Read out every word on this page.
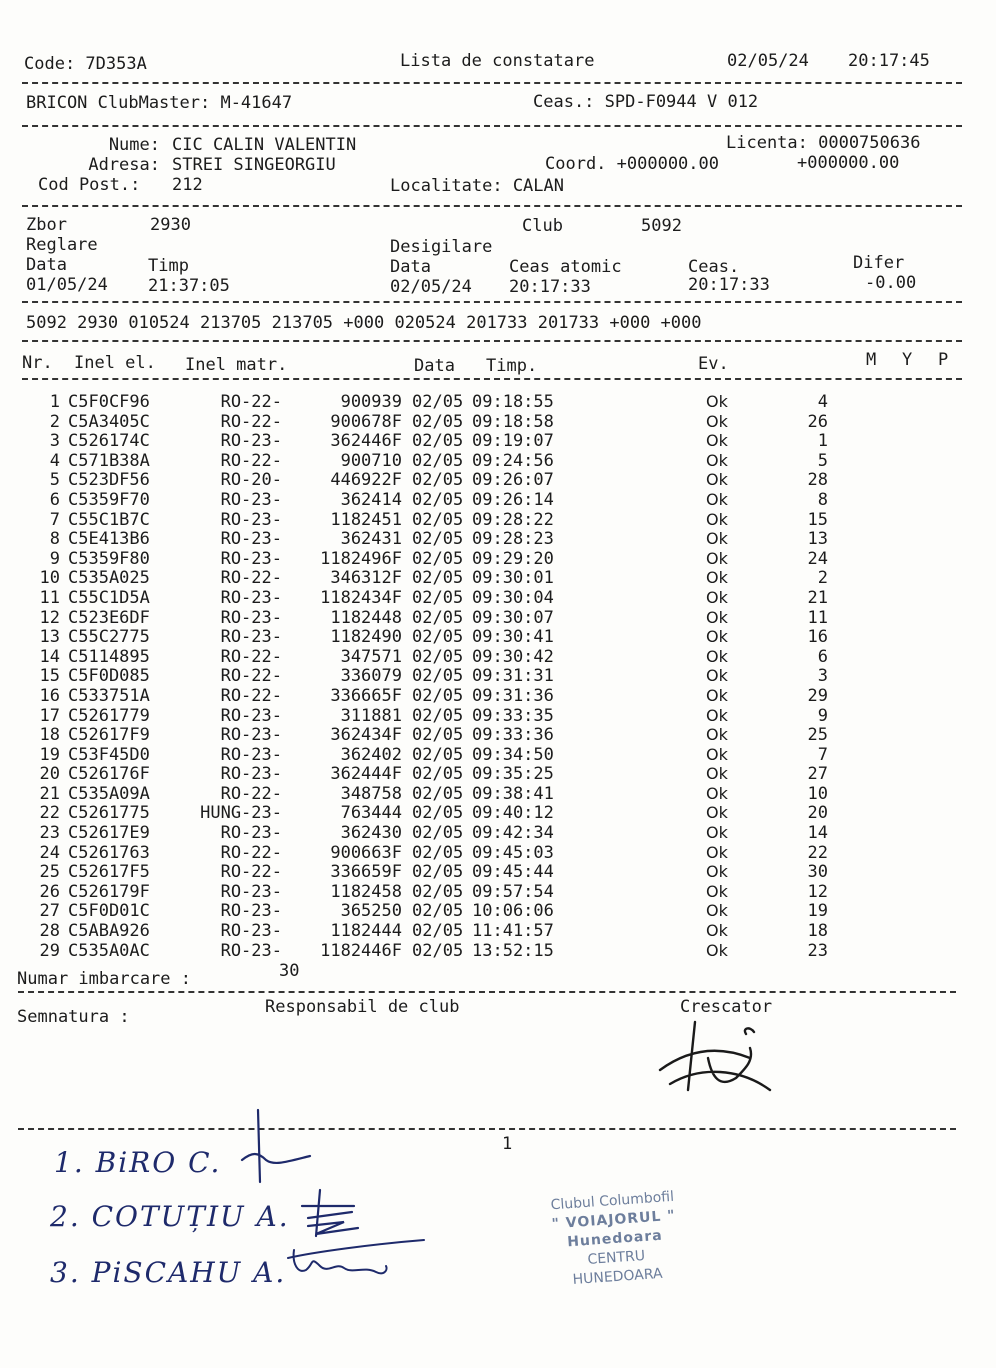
Code: 7D353A	Lista de constatare	02/05/24 20:17:45
BRICON ClubMaster: M-41647	Ceas.: SPD-F0944 V 012
Nume: CIC CALIN VALENTIN	Licenta: 0000750636
Adresa: STREI SINGEORGIU	Coord. +000000.00	+000000.00
Cod Post.: 212	Localitate: CALAN
Zbor	2930	Club	5092
Reglare	Desigilare
Data	Timp	Data	Ceas atomic	Ceas.	Difer
01/05/24 21:37:05	02/05/24 20:17:33	20:17:33	-0.00
5092 2930 010524 213705 213705 +000 020524 201733 201733 +000 +000
Nr. Inel el. Inel matr.	Data Timp.	Ev.	M Y P
1 C5F0CF96	RO-22-	900939 02/05 09:18:55	Ok	4
2 C5A3405C	RO-22-	900678F 02/05 09:18:58	Ok	26
3 C526174C	RO-23-	362446F 02/05 09:19:07	Ok	1
4 C571B38A	RO-22-	900710 02/05 09:24:56	Ok	5
5 C523DF56	RO-20-	446922F 02/05 09:26:07	Ok	28
6 C5359F70	RO-23-	362414 02/05 09:26:14	Ok	8
7 C55C1B7C	RO-23-	1182451 02/05 09:28:22	Ok	15
8 C5E413B6	RO-23-	362431 02/05 09:28:23	Ok	13
9 C5359F80	RO-23-	1182496F 02/05 09:29:20	Ok	24
10 C535A025	RO-22-	346312F 02/05 09:30:01	Ok	2
11 C55C1D5A	RO-23-	1182434F 02/05 09:30:04	Ok	21
12 C523E6DF	RO-23-	1182448 02/05 09:30:07	Ok	11
13 C55C2775	RO-23-	1182490 02/05 09:30:41	Ok	16
14 C5114895	RO-22-	347571 02/05 09:30:42	Ok	6
15 C5F0D085	RO-22-	336079 02/05 09:31:31	Ok	3
16 C533751A	RO-22-	336665F 02/05 09:31:36	Ok	29
17 C5261779	RO-23-	311881 02/05 09:33:35	Ok	9
18 C52617F9	RO-23-	362434F 02/05 09:33:36	Ok	25
19 C53F45D0	RO-23-	362402 02/05 09:34:50	Ok	7
20 C526176F	RO-23-	362444F 02/05 09:35:25	Ok	27
21 C535A09A	RO-22-	348758 02/05 09:38:41	Ok	10
22 C5261775	HUNG-23-	763444 02/05 09:40:12	Ok	20
23 C52617E9	RO-23-	362430 02/05 09:42:34	Ok	14
24 C5261763	RO-22-	900663F 02/05 09:45:03	Ok	22
25 C52617F5	RO-22-	336659F 02/05 09:45:44	Ok	30
26 C526179F	RO-23-	1182458 02/05 09:57:54	Ok	12
27 C5F0D01C	RO-23-	365250 02/05 10:06:06	Ok	19
28 C5ABA926	RO-23-	1182444 02/05 11:41:57	Ok	18
29 C535A0AC	RO-23-	1182446F 02/05 13:52:15	Ok	23
Numar imbarcare :	30
Semnatura :	Responsabil de club	Crescator
1
1. BiRO C.
2. COTUȚIU A.
3. PiSCAHU A.
Clubul Columbofil
" VOIAJORUL " Hunedoara
CENTRU
HUNEDOARA
